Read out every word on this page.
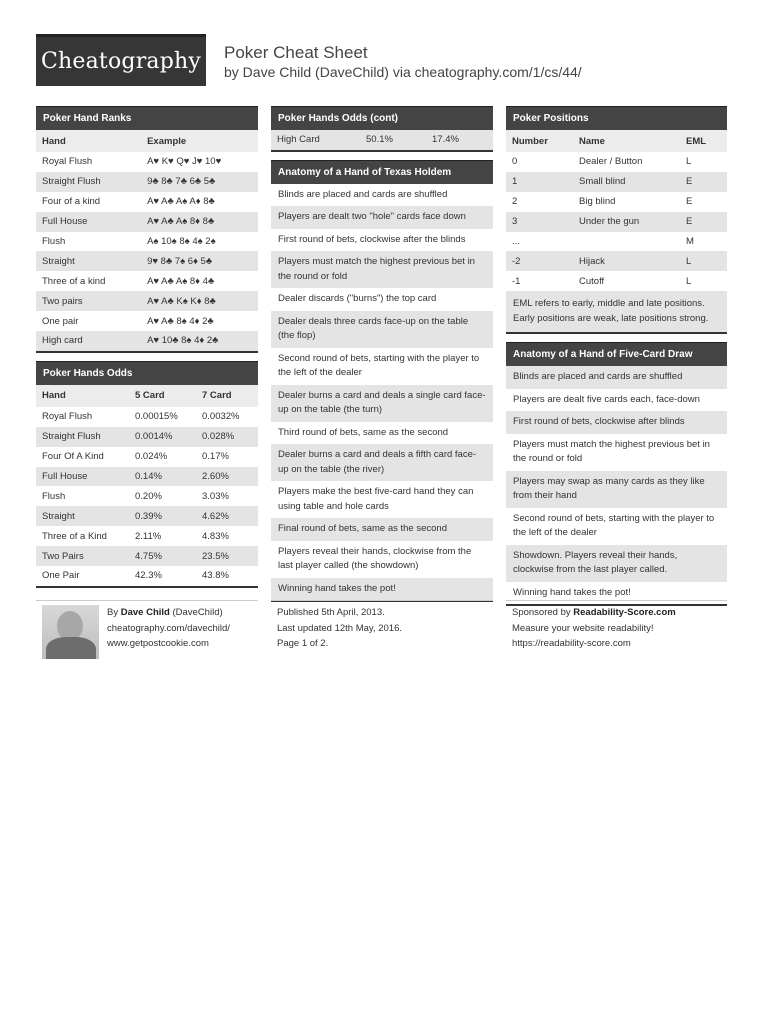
Cheatography Poker Cheat Sheet
by Dave Child (DaveChild) via cheatography.com/1/cs/44/
Poker Hand Ranks
Hand	Example
Royal Flush	A♥ K♥ Q♥ J♥ 10♥
Straight Flush	9♣ 8♣ 7♣ 6♣ 5♣
Four of a kind	A♥ A♣ A♠ A♦ 8♣
Full House	A♥ A♣ A♠ 8♦ 8♣
Flush	A♠ 10♠ 8♠ 4♠ 2♠
Straight	9♥ 8♣ 7♠ 6♦ 5♣
Three of a kind	A♥ A♣ A♠ 8♦ 4♣
Two pairs	A♥ A♣ K♠ K♦ 8♣
One pair	A♥ A♣ 8♠ 4♦ 2♣
High card	A♥ 10♣ 8♠ 4♦ 2♣
Poker Hands Odds
Hand	5 Card	7 Card
Royal Flush	0.00015%	0.0032%
Straight Flush	0.0014%	0.028%
Four Of A Kind	0.024%	0.17%
Full House	0.14%	2.60%
Flush	0.20%	3.03%
Straight	0.39%	4.62%
Three of a Kind	2.11%	4.83%
Two Pairs	4.75%	23.5%
One Pair	42.3%	43.8%
Poker Hands Odds (cont)
High Card	50.1%	17.4%
Anatomy of a Hand of Texas Holdem
Blinds are placed and cards are shuffled
Players are dealt two "hole" cards face down
First round of bets, clockwise after the blinds
Players must match the highest previous bet in the round or fold
Dealer discards ("burns") the top card
Dealer deals three cards face-up on the table (the flop)
Second round of bets, starting with the player to the left of the dealer
Dealer burns a card and deals a single card face-up on the table (the turn)
Third round of bets, same as the second
Dealer burns a card and deals a fifth card face-up on the table (the river)
Players make the best five-card hand they can using table and hole cards
Final round of bets, same as the second
Players reveal their hands, clockwise from the last player called (the showdown)
Winning hand takes the pot!
Poker Positions
Number	Name	EML
0	Dealer / Button	L
1	Small blind	E
2	Big blind	E
3	Under the gun	E
...		M
-2	Hijack	L
-1	Cutoff	L
EML refers to early, middle and late positions. Early positions are weak, late positions strong.
Anatomy of a Hand of Five-Card Draw
Blinds are placed and cards are shuffled
Players are dealt five cards each, face-down
First round of bets, clockwise after blinds
Players must match the highest previous bet in the round or fold
Players may swap as many cards as they like from their hand
Second round of bets, starting with the player to the left of the dealer
Showdown. Players reveal their hands, clockwise from the last player called.
Winning hand takes the pot!
By Dave Child (DaveChild)
cheatography.com/davechild/
www.getpostcookie.com
Published 5th April, 2013.
Last updated 12th May, 2016.
Page 1 of 2.
Sponsored by Readability-Score.com
Measure your website readability!
https://readability-score.com
